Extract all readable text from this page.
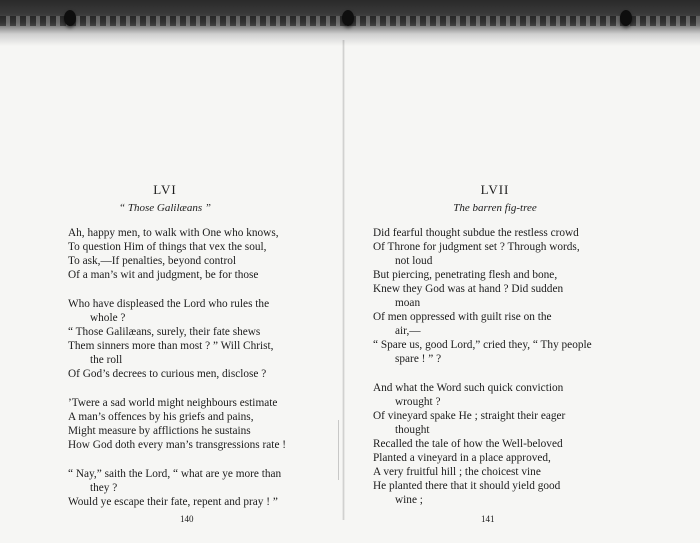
LVI
“ Those Galilæans ”
Ah, happy men, to walk with One who knows,
To question Him of things that vex the soul,
To ask,—If penalties, beyond control
Of a man’s wit and judgment, be for those
Who have displeased the Lord who rules the
whole ?
“ Those Galilæans, surely, their fate shews
Them sinners more than most ? ” Will Christ,
the roll
Of God’s decrees to curious men, disclose ?
’Twere a sad world might neighbours estimate
A man’s offences by his griefs and pains,
Might measure by afflictions he sustains
How God doth every man’s transgressions rate !
“ Nay,” saith the Lord, “ what are ye more than
they ?
Would ye escape their fate, repent and pray ! ”
140
LVII
The barren fig-tree
Did fearful thought subdue the restless crowd
Of Throne for judgment set ? Through words,
not loud
But piercing, penetrating flesh and bone,
Knew they God was at hand ? Did sudden
moan
Of men oppressed with guilt rise on the
air,—
“ Spare us, good Lord,” cried they, “ Thy people
spare ! ” ?
And what the Word such quick conviction
wrought ?
Of vineyard spake He ; straight their eager
thought
Recalled the tale of how the Well-beloved
Planted a vineyard in a place approved,
A very fruitful hill ; the choicest vine
He planted there that it should yield good
wine ;
141
